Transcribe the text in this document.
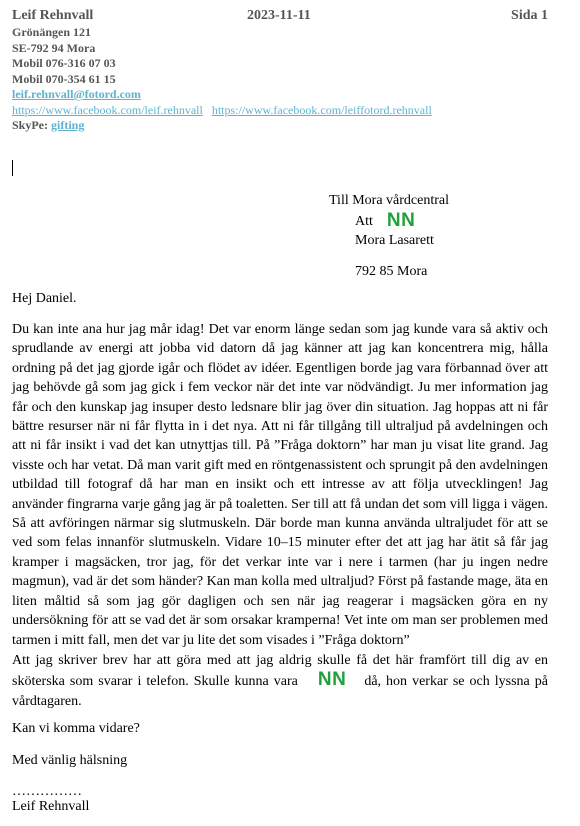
Leif Rehnvall	2023-11-11	Sida 1
Grönängen 121
SE-792 94 Mora
Mobil 076-316 07 03
Mobil 070-354 61 15
leif.rehnvall@fotord.com
https://www.facebook.com/leif.rehnvall https://www.facebook.com/leiffotord.rehnvall
SkyPe: gifting
Till Mora vårdcentral
Att NN
Mora Lasarett
792 85 Mora
Hej Daniel.
Du kan inte ana hur jag mår idag! Det var enorm länge sedan som jag kunde vara så aktiv och sprudlande av energi att jobba vid datorn då jag känner att jag kan koncentrera mig, hålla ordning på det jag gjorde igår och flödet av idéer. Egentligen borde jag vara förbannad över att jag behövde gå som jag gick i fem veckor när det inte var nödvändigt. Ju mer information jag får och den kunskap jag insuper desto ledsnare blir jag över din situation. Jag hoppas att ni får bättre resurser när ni får flytta in i det nya. Att ni får tillgång till ultraljud på avdelningen och att ni får insikt i vad det kan utnyttjas till. På ”Fråga doktorn” har man ju visat lite grand. Jag visste och har vetat. Då man varit gift med en röntgenassistent och sprungit på den avdelningen utbildad till fotograf då har man en insikt och ett intresse av att följa utvecklingen! Jag använder fingrarna varje gång jag är på toaletten. Ser till att få undan det som vill ligga i vägen. Så att avföringen närmar sig slutmuskeln. Där borde man kunna använda ultraljudet för att se ved som felas innanför slutmuskeln. Vidare 10–15 minuter efter det att jag har ätit så får jag kramper i magsäcken, tror jag, för det verkar inte var i nere i tarmen (har ju ingen nedre magmun), vad är det som händer? Kan man kolla med ultraljud? Först på fastande mage, äta en liten måltid så som jag gör dagligen och sen när jag reagerar i magsäcken göra en ny undersökning för att se vad det är som orsakar kramperna! Vet inte om man ser problemen med tarmen i mitt fall, men det var ju lite det som visades i ”Fråga doktorn”
Att jag skriver brev har att göra med att jag aldrig skulle få det här framfört till dig av en sköterska som svarar i telefon. Skulle kunna vara NN då, hon verkar se och lyssna på vårdtagaren.
Kan vi komma vidare?
Med vänlig hälsning
……………
Leif Rehnvall
